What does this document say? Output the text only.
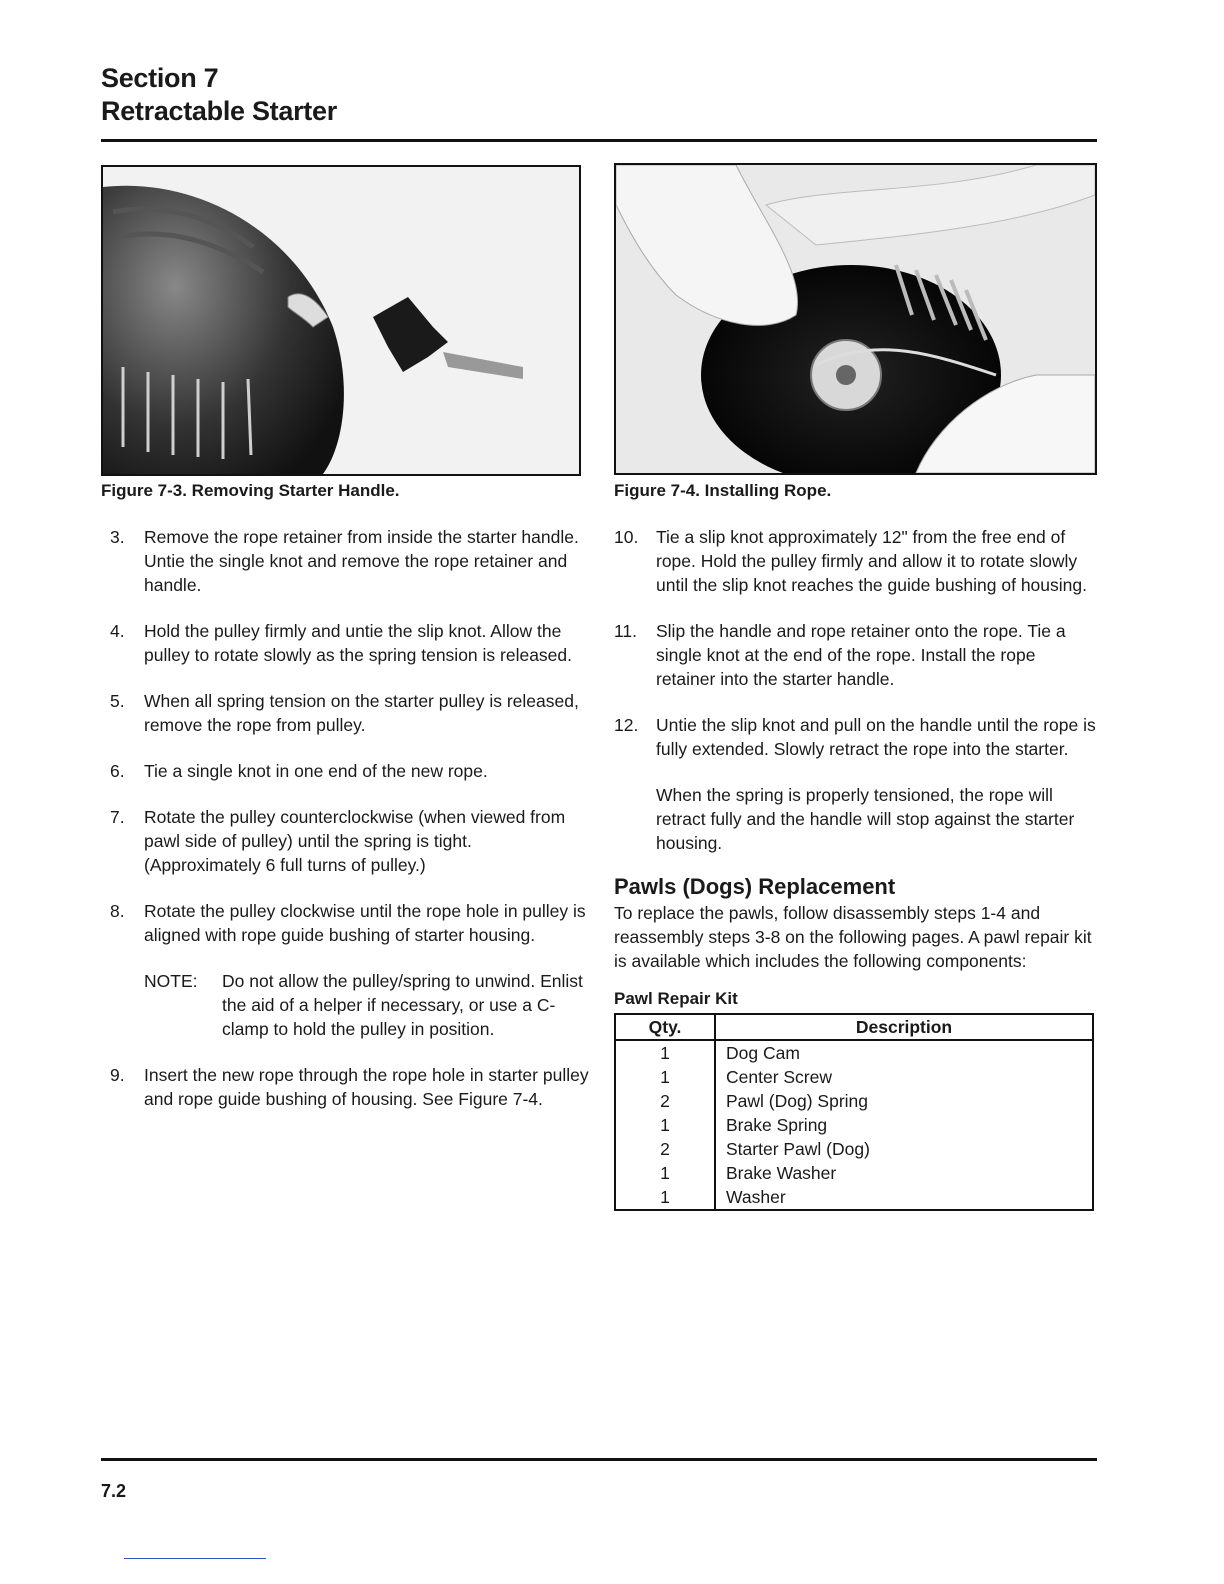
Section 7
Retractable Starter
Figure 7-3. Removing Starter Handle.	Figure 7-4. Installing Rope.
3.	Remove the rope retainer from inside the starter handle. Untie the single knot and remove the rope retainer and handle.
4.	Hold the pulley firmly and untie the slip knot. Allow the pulley to rotate slowly as the spring tension is released.
5.	When all spring tension on the starter pulley is released, remove the rope from pulley.
6.	Tie a single knot in one end of the new rope.
7.	Rotate the pulley counterclockwise (when viewed from pawl side of pulley) until the spring is tight. (Approximately 6 full turns of pulley.)
8.	Rotate the pulley clockwise until the rope hole in pulley is aligned with rope guide bushing of starter housing.
NOTE:	Do not allow the pulley/spring to unwind. Enlist the aid of a helper if necessary, or use a C-clamp to hold the pulley in position.
9.	Insert the new rope through the rope hole in starter pulley and rope guide bushing of housing. See Figure 7-4.
10.	Tie a slip knot approximately 12" from the free end of rope. Hold the pulley firmly and allow it to rotate slowly until the slip knot reaches the guide bushing of housing.
11.	Slip the handle and rope retainer onto the rope. Tie a single knot at the end of the rope. Install the rope retainer into the starter handle.
12.	Untie the slip knot and pull on the handle until the rope is fully extended. Slowly retract the rope into the starter.
When the spring is properly tensioned, the rope will retract fully and the handle will stop against the starter housing.
Pawls (Dogs) Replacement
To replace the pawls, follow disassembly steps 1-4 and reassembly steps 3-8 on the following pages. A pawl repair kit is available which includes the following components:
Pawl Repair Kit
Qty.	Description
1	Dog Cam
1	Center Screw
2	Pawl (Dog) Spring
1	Brake Spring
2	Starter Pawl (Dog)
1	Brake Washer
1	Washer
7.2
